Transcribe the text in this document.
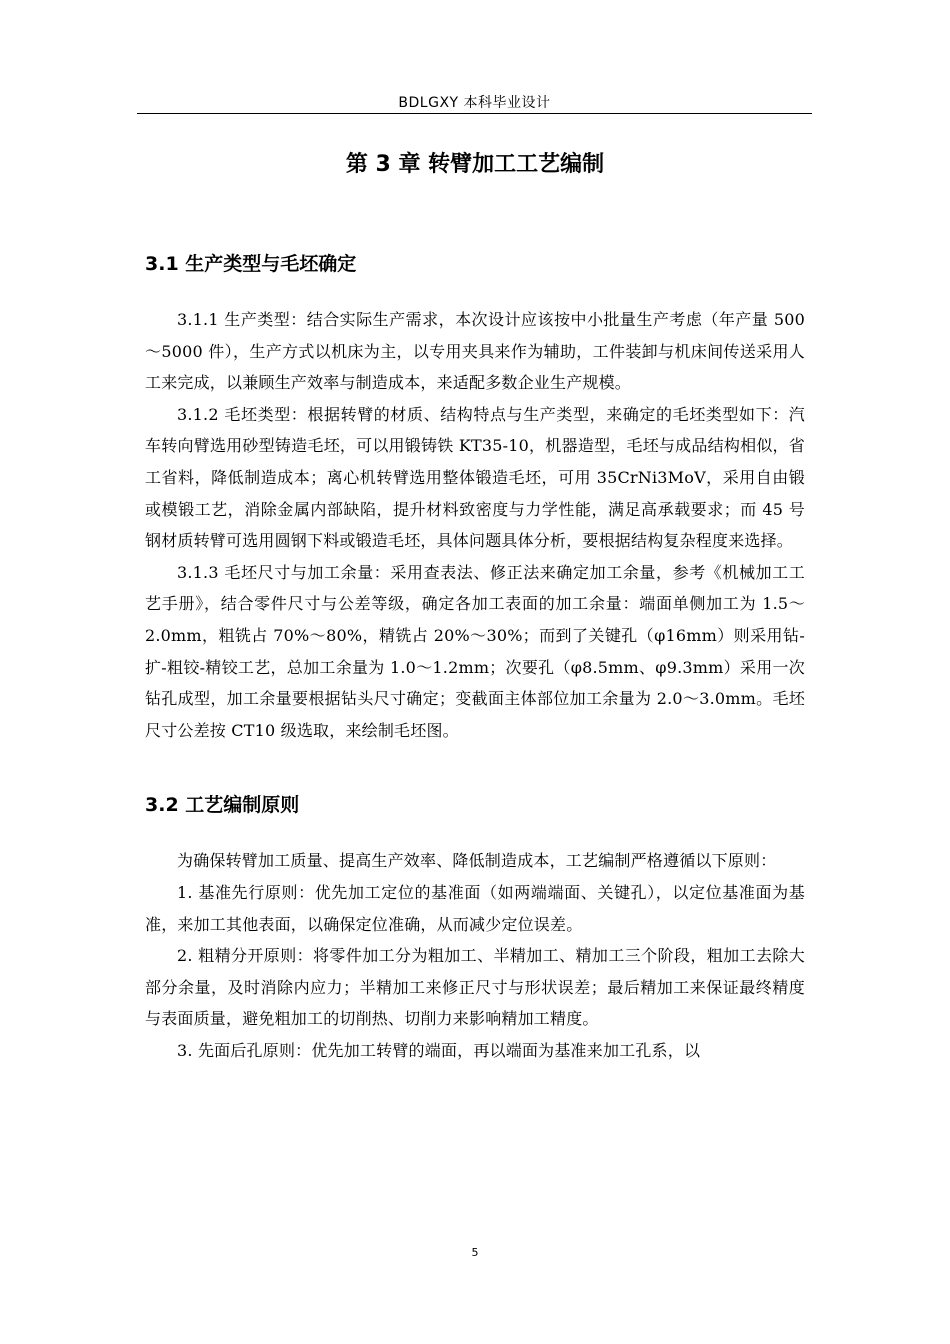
BDLGXY 本科毕业设计
第 3 章 转臂加工工艺编制
3.1 生产类型与毛坯确定

3.1.1 生产类型：结合实际生产需求，本次设计应该按中小批量生产考虑（年产量 500～5000 件），生产方式以机床为主，以专用夹具来作为辅助，工件装卸与机床间传送采用人工来完成，以兼顾生产效率与制造成本，来适配多数企业生产规模。

3.1.2 毛坯类型：根据转臂的材质、结构特点与生产类型，来确定的毛坯类型如下：汽车转向臂选用砂型铸造毛坯，可以用锻铸铁 KT35-10，机器造型，毛坯与成品结构相似，省工省料，降低制造成本；离心机转臂选用整体锻造毛坯，可用 35CrNi3MoV，采用自由锻或模锻工艺，消除金属内部缺陷，提升材料致密度与力学性能，满足高承载要求；而 45 号钢材质转臂可选用圆钢下料或锻造毛坯，具体问题具体分析，要根据结构复杂程度来选择。

3.1.3 毛坯尺寸与加工余量：采用查表法、修正法来确定加工余量，参考《机械加工工艺手册》，结合零件尺寸与公差等级，确定各加工表面的加工余量：端面单侧加工为 1.5～2.0mm，粗铣占 70%～80%，精铣占 20%～30%；而到了关键孔（φ16mm）则采用钻-扩-粗铰-精铰工艺，总加工余量为 1.0～1.2mm；次要孔（φ8.5mm、φ9.3mm）采用一次钻孔成型，加工余量要根据钻头尺寸确定；变截面主体部位加工余量为 2.0～3.0mm。毛坯尺寸公差按 CT10 级选取，来绘制毛坯图。

3.2 工艺编制原则

为确保转臂加工质量、提高生产效率、降低制造成本，工艺编制严格遵循以下原则：

1. 基准先行原则：优先加工定位的基准面（如两端端面、关键孔），以定位基准面为基准，来加工其他表面，以确保定位准确，从而减少定位误差。

2. 粗精分开原则：将零件加工分为粗加工、半精加工、精加工三个阶段，粗加工去除大部分余量，及时消除内应力；半精加工来修正尺寸与形状误差；最后精加工来保证最终精度与表面质量，避免粗加工的切削热、切削力来影响精加工精度。

3. 先面后孔原则：优先加工转臂的端面，再以端面为基准来加工孔系，以

5
